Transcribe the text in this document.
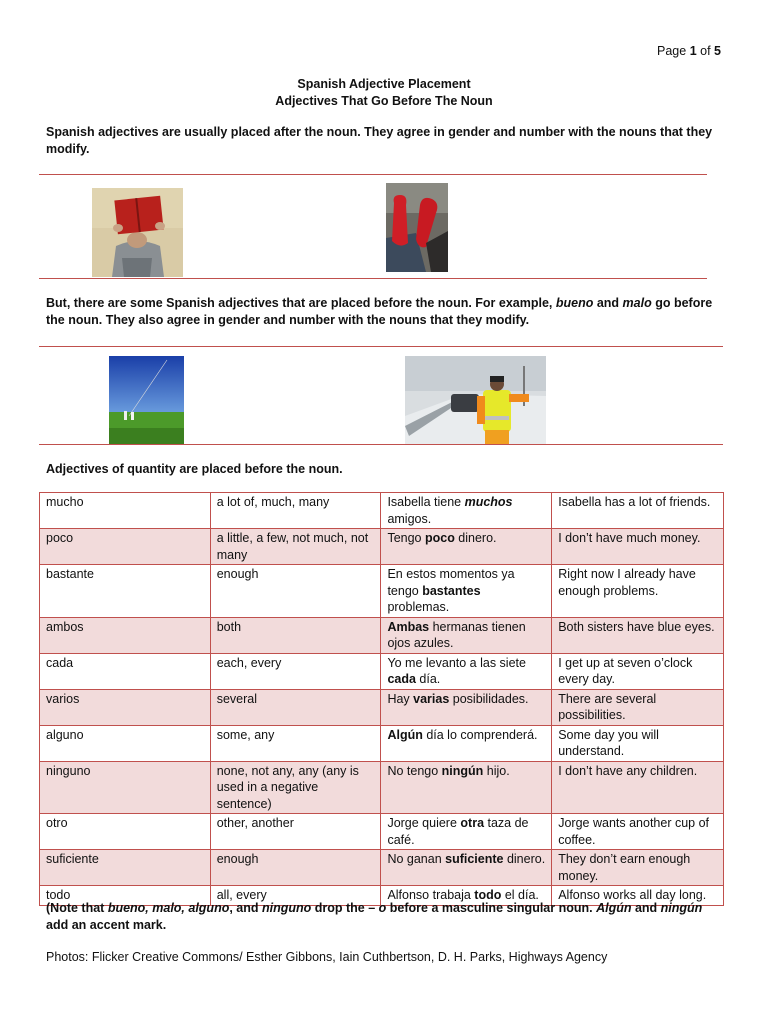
Page 1 of 5
Spanish Adjective Placement
Adjectives That Go Before The Noun
Spanish adjectives are usually placed after the noun. They agree in gender and number with the nouns that they modify.
But, there are some Spanish adjectives that are placed before the noun. For example, bueno and malo go before the noun. They also agree in gender and number with the nouns that they modify.
Adjectives of quantity are placed before the noun.
mucho	a lot of, much, many	Isabella tiene muchos amigos.	Isabella has a lot of friends.
poco	a little, a few, not much, not many	Tengo poco dinero.	I don’t have much money.
bastante	enough	En estos momentos ya tengo bastantes problemas.	Right now I already have enough problems.
ambos	both	Ambas hermanas tienen ojos azules.	Both sisters have blue eyes.
cada	each, every	Yo me levanto a las siete cada día.	I get up at seven o’clock every day.
varios	several	Hay varias posibilidades.	There are several possibilities.
alguno	some, any	Algún día lo comprenderá.	Some day you will understand.
ninguno	none, not any, any (any is used in a negative sentence)	No tengo ningún hijo.	I don’t have any children.
otro	other, another	Jorge quiere otra taza de café.	Jorge wants another cup of coffee.
suficiente	enough	No ganan suficiente dinero.	They don’t earn enough money.
todo	all, every	Alfonso trabaja todo el día.	Alfonso works all day long.
(Note that bueno, malo, alguno, and ninguno drop the – o before a masculine singular noun. Algún and ningún add an accent mark.
Photos: Flicker Creative Commons/ Esther Gibbons, Iain Cuthbertson, D. H. Parks, Highways Agency
